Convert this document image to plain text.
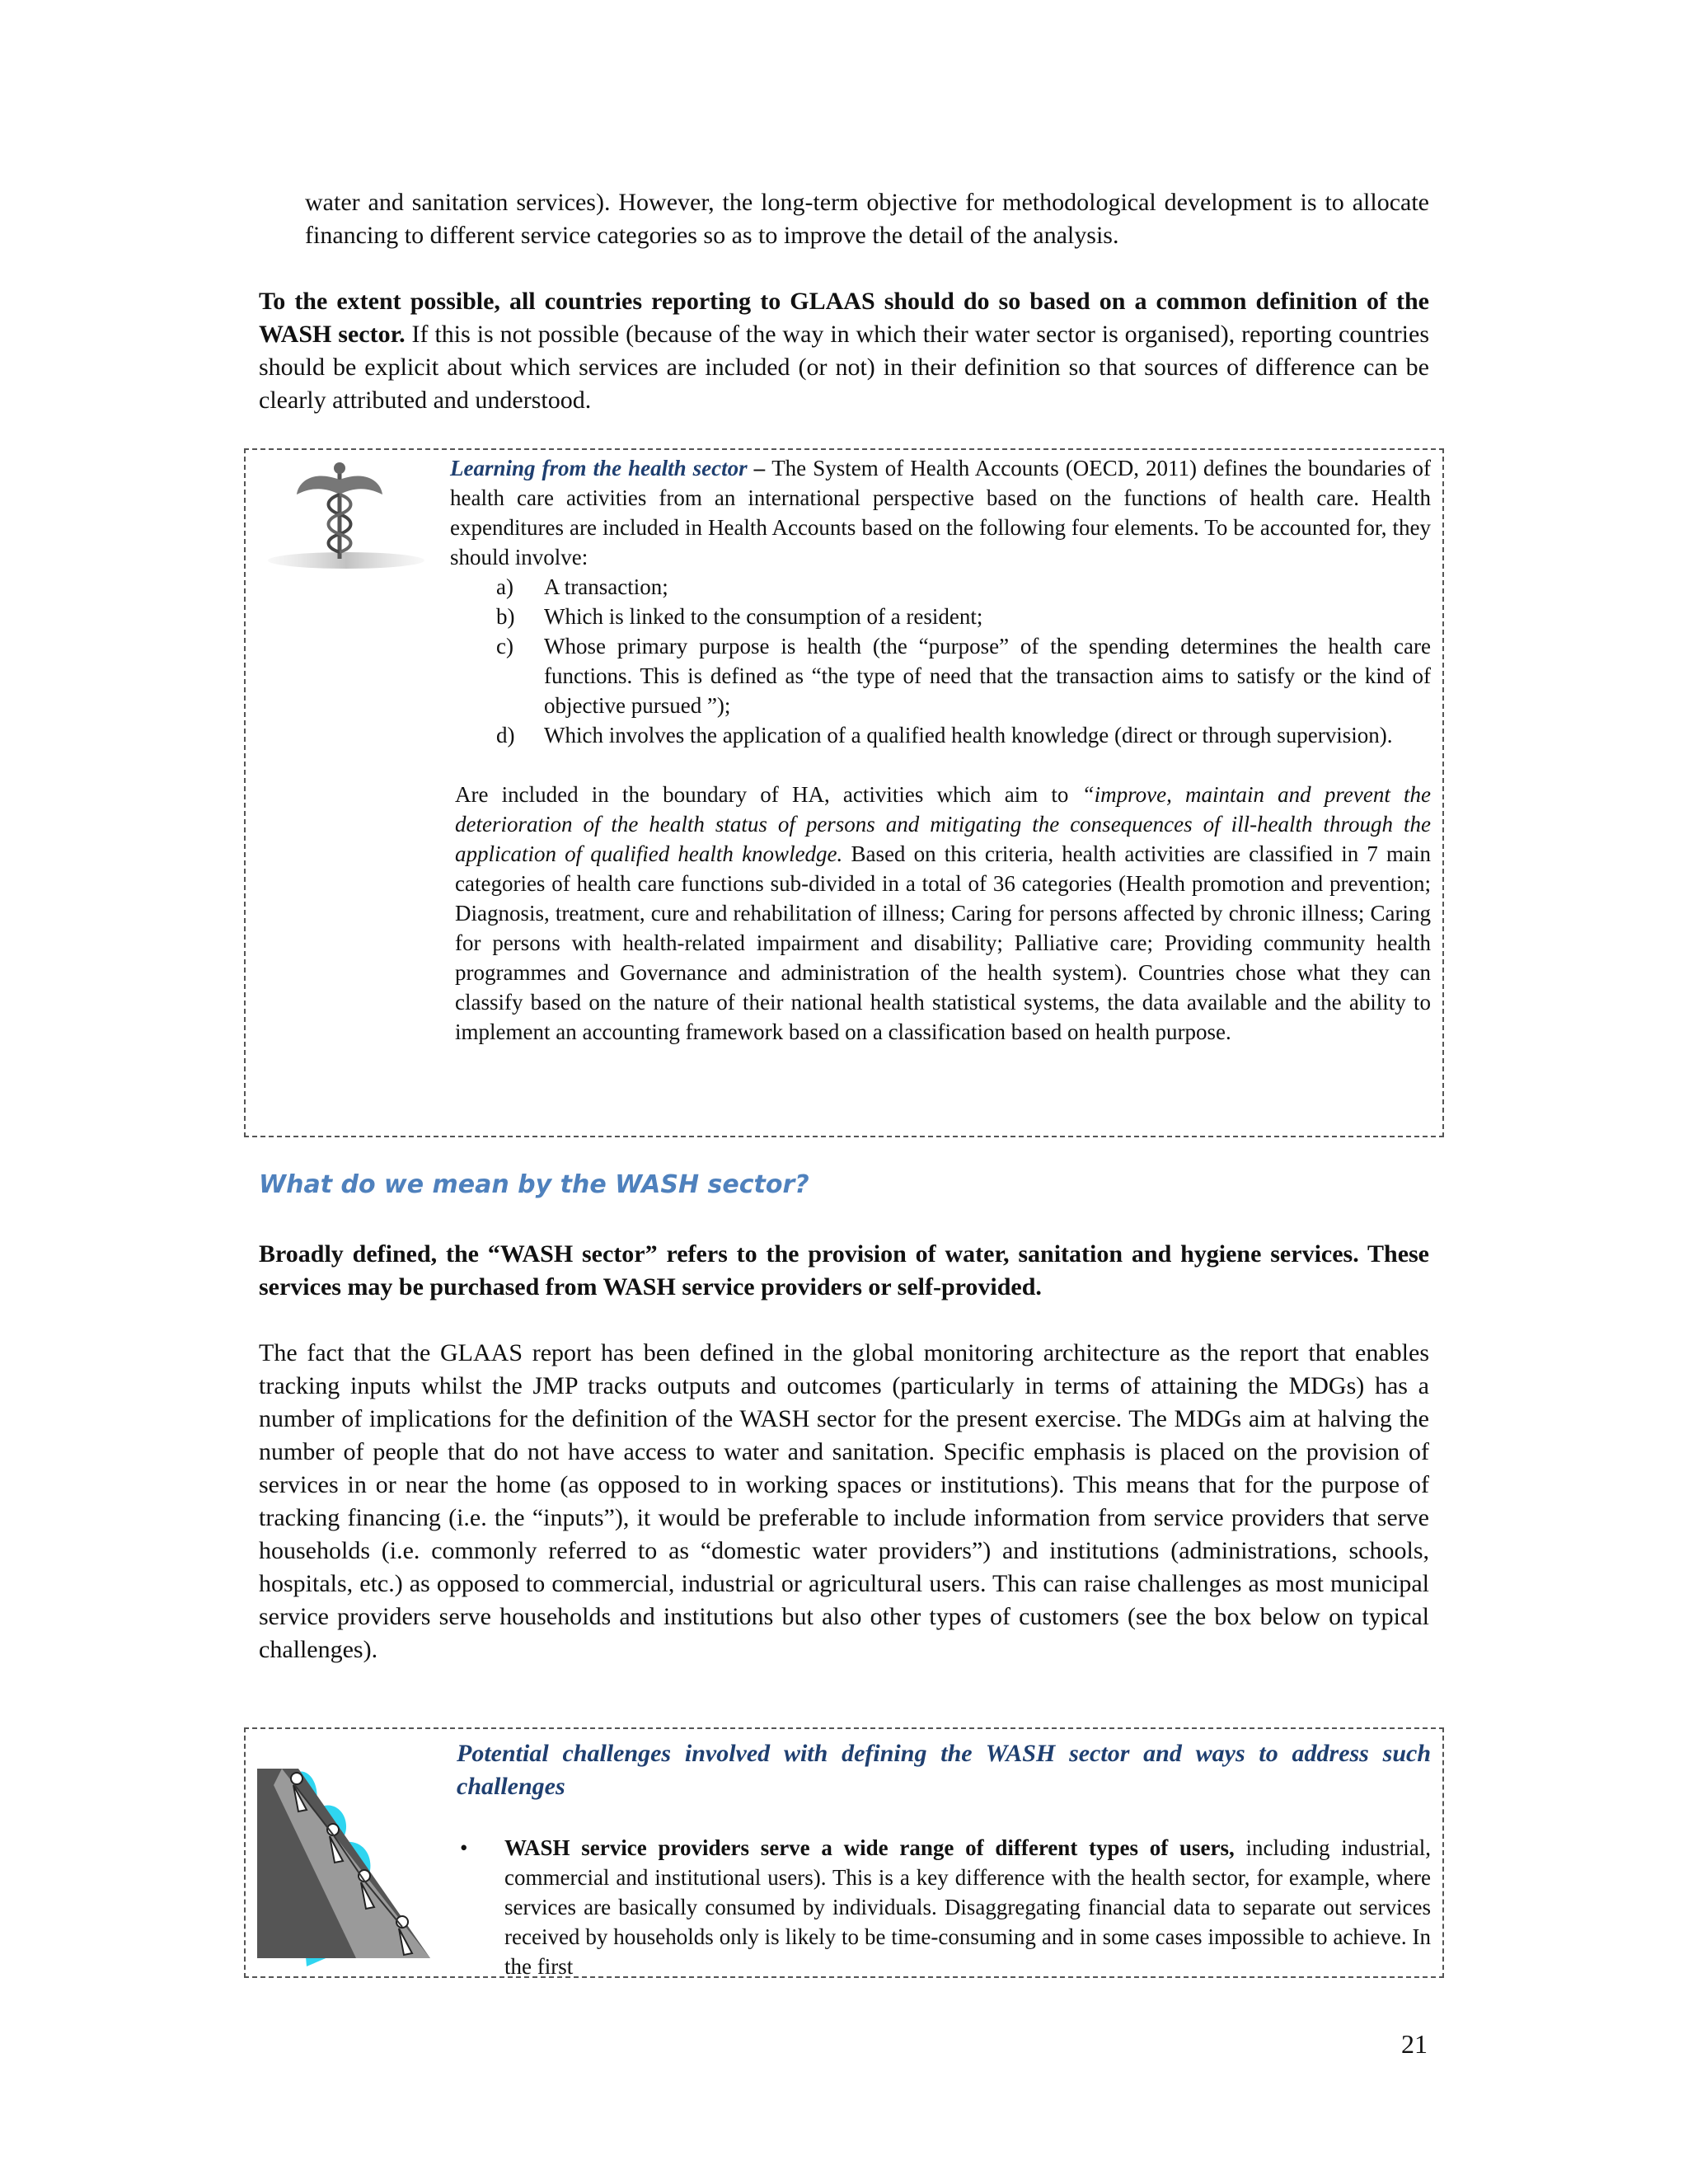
water and sanitation services). However, the long-term objective for methodological development is to allocate financing to different service categories so as to improve the detail of the analysis.

To the extent possible, all countries reporting to GLAAS should do so based on a common definition of the WASH sector. If this is not possible (because of the way in which their water sector is organised), reporting countries should be explicit about which services are included (or not) in their definition so that sources of difference can be clearly attributed and understood.

Learning from the health sector – The System of Health Accounts (OECD, 2011) defines the boundaries of health care activities from an international perspective based on the functions of health care. Health expenditures are included in Health Accounts based on the following four elements. To be accounted for, they should involve:
a) A transaction;
b) Which is linked to the consumption of a resident;
c) Whose primary purpose is health (the “purpose” of the spending determines the health care functions. This is defined as “the type of need that the transaction aims to satisfy or the kind of objective pursued ”);
d) Which involves the application of a qualified health knowledge (direct or through supervision).
Are included in the boundary of HA, activities which aim to “improve, maintain and prevent the deterioration of the health status of persons and mitigating the consequences of ill-health through the application of qualified health knowledge. Based on this criteria, health activities are classified in 7 main categories of health care functions sub-divided in a total of 36 categories (Health promotion and prevention; Diagnosis, treatment, cure and rehabilitation of illness; Caring for persons affected by chronic illness; Caring for persons with health-related impairment and disability; Palliative care; Providing community health programmes and Governance and administration of the health system). Countries chose what they can classify based on the nature of their national health statistical systems, the data available and the ability to implement an accounting framework based on a classification based on health purpose.
What do we mean by the WASH sector?

Broadly defined, the “WASH sector” refers to the provision of water, sanitation and hygiene services. These services may be purchased from WASH service providers or self-provided.

The fact that the GLAAS report has been defined in the global monitoring architecture as the report that enables tracking inputs whilst the JMP tracks outputs and outcomes (particularly in terms of attaining the MDGs) has a number of implications for the definition of the WASH sector for the present exercise. The MDGs aim at halving the number of people that do not have access to water and sanitation. Specific emphasis is placed on the provision of services in or near the home (as opposed to in working spaces or institutions). This means that for the purpose of tracking financing (i.e. the “inputs”), it would be preferable to include information from service providers that serve households (i.e. commonly referred to as “domestic water providers”) and institutions (administrations, schools, hospitals, etc.) as opposed to commercial, industrial or agricultural users. This can raise challenges as most municipal service providers serve households and institutions but also other types of customers (see the box below on typical challenges).

Potential challenges involved with defining the WASH sector and ways to address such challenges
• WASH service providers serve a wide range of different types of users, including industrial, commercial and institutional users). This is a key difference with the health sector, for example, where services are basically consumed by individuals. Disaggregating financial data to separate out services received by households only is likely to be time-consuming and in some cases impossible to achieve. In the first
21
